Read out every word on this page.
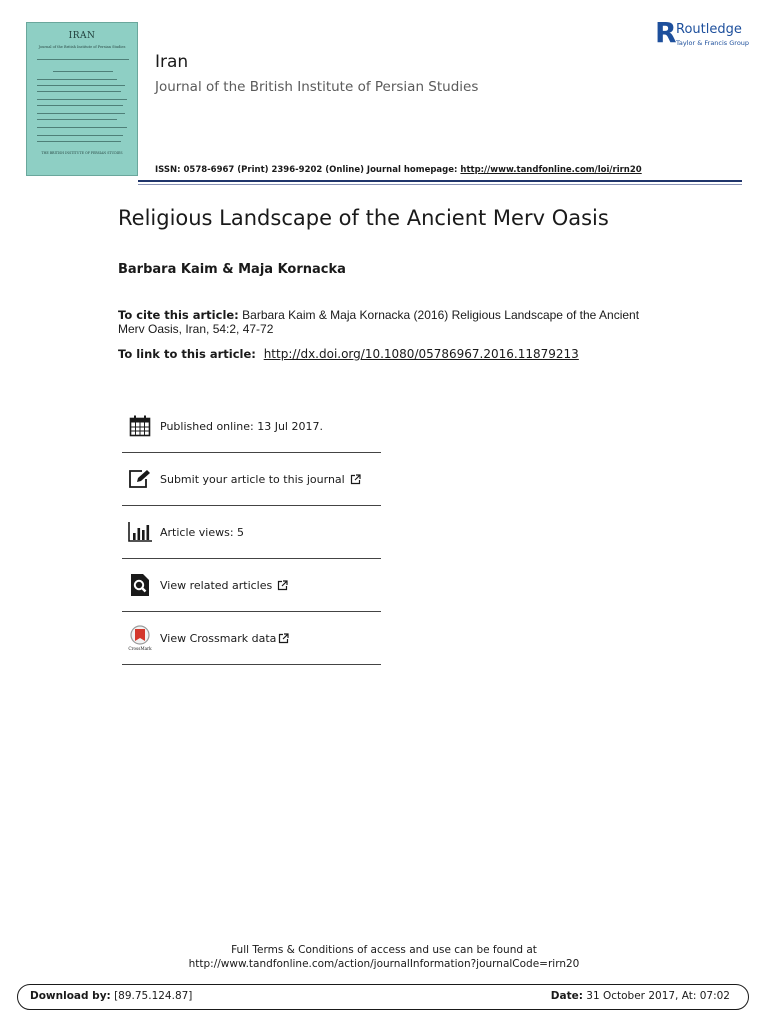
IRAN
Journal of the British Institute of Persian Studies
THE BRITISH INSTITUTE OF PERSIAN STUDIES
Iran
Journal of the British Institute of Persian Studies
ISSN: 0578-6967 (Print) 2396-9202 (Online) Journal homepage: http://www.tandfonline.com/loi/rirn20
R Routledge
Taylor & Francis Group
Religious Landscape of the Ancient Merv Oasis
Barbara Kaim & Maja Kornacka
To cite this article: Barbara Kaim & Maja Kornacka (2016) Religious Landscape of the Ancient Merv Oasis, Iran, 54:2, 47-72
To link to this article: http://dx.doi.org/10.1080/05786967.2016.11879213
Published online: 13 Jul 2017.
Submit your article to this journal
Article views: 5
View related articles
CrossMark
View Crossmark data
Full Terms & Conditions of access and use can be found at
http://www.tandfonline.com/action/journalInformation?journalCode=rirn20
Download by: [89.75.124.87]	Date: 31 October 2017, At: 07:02
